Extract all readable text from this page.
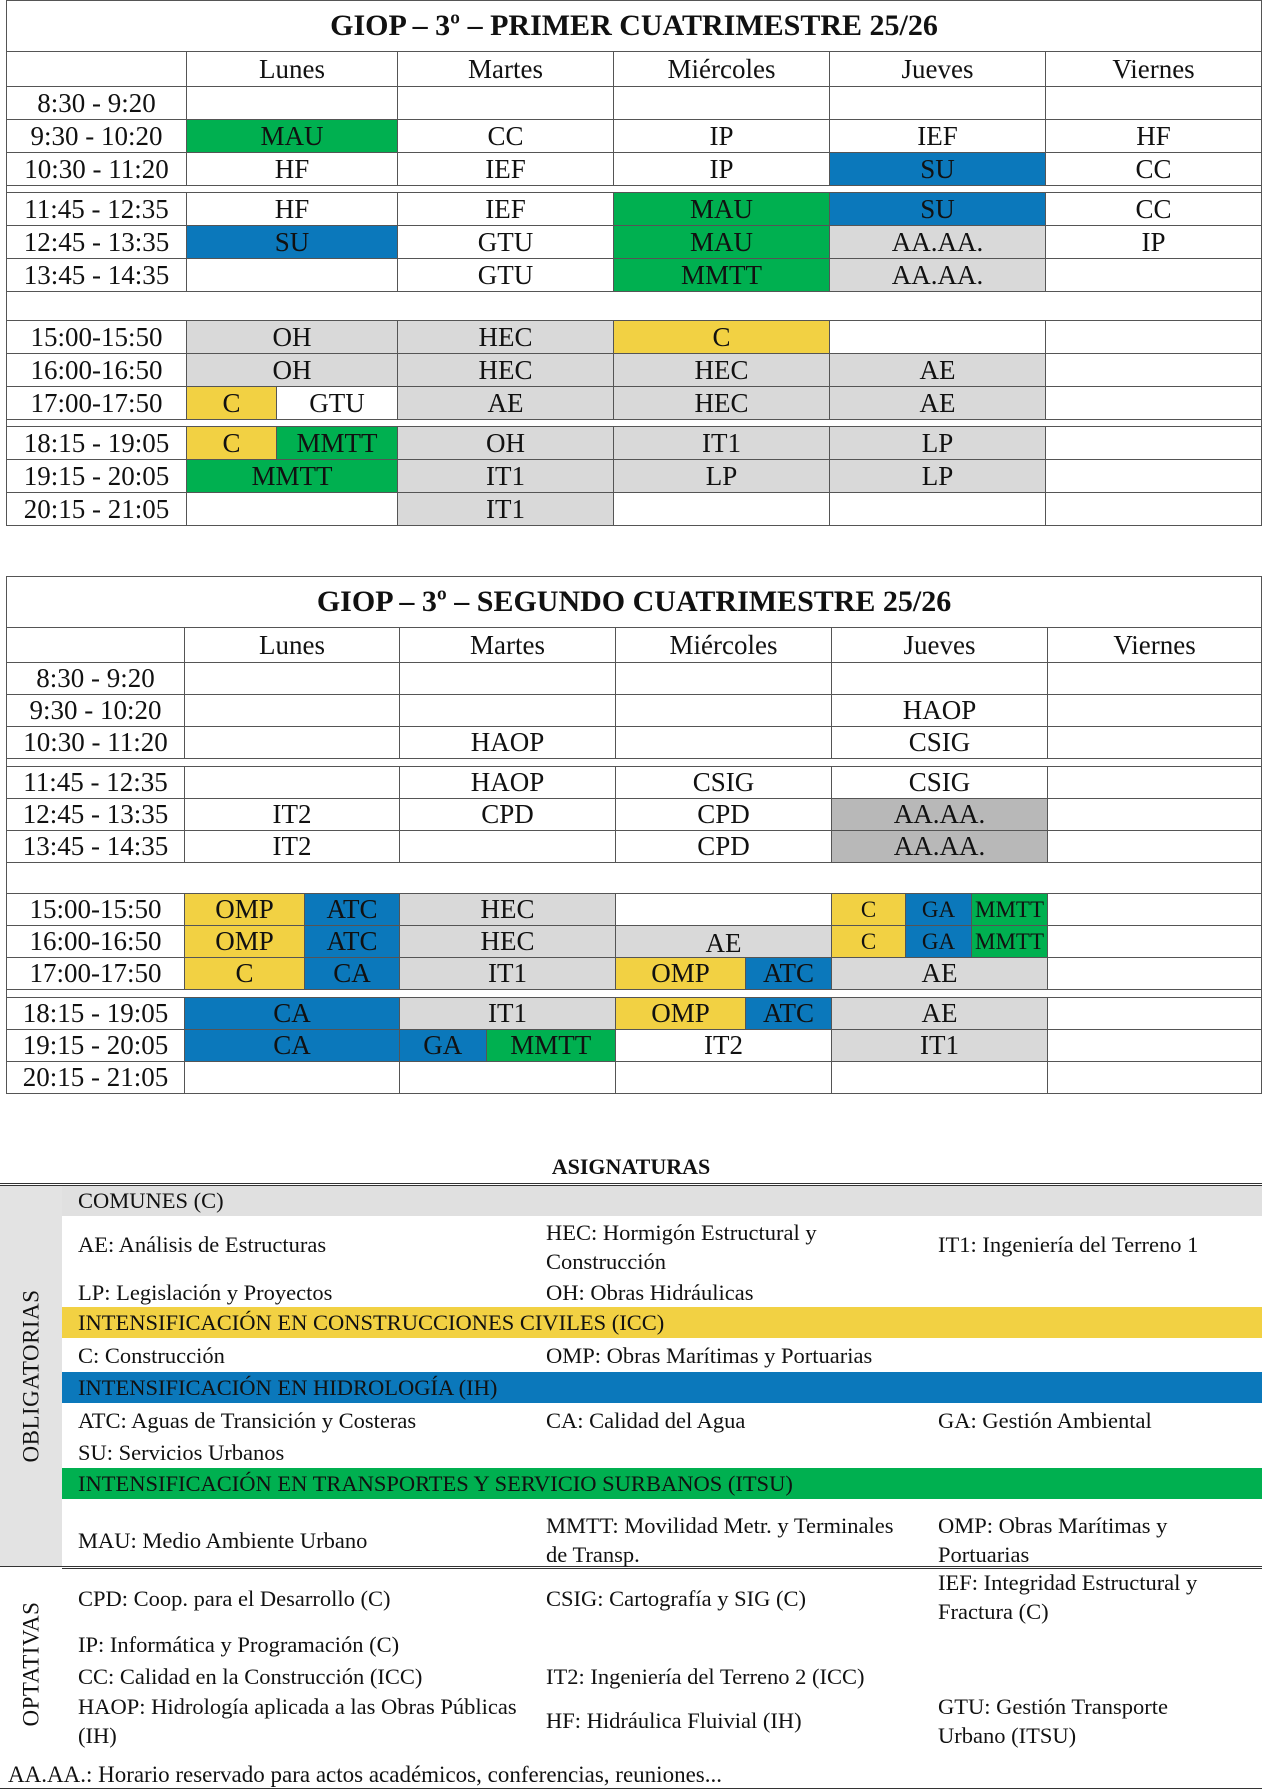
GIOP – 3º – PRIMER CUATRIMESTRE 25/26						
	Lunes		Martes	Miércoles	Jueves	Viernes
8:30 - 9:20						
9:30 - 10:20	MAU		CC	IP	IEF	HF
10:30 - 11:20	HF		IEF	IP	SU	CC

11:45 - 12:35	HF		IEF	MAU	SU	CC
12:45 - 13:35	SU		GTU	MAU	AA.AA.	IP
13:45 - 14:35			GTU	MMTT	AA.AA.	

15:00-15:50	OH		HEC	C		
16:00-16:50	OH		HEC	HEC	AE	
17:00-17:50	C	GTU	AE	HEC	AE	

18:15 - 19:05	C	MMTT	OH	IT1	LP	
19:15 - 20:05	MMTT		IT1	LP	LP	
20:15 - 21:05			IT1			
GIOP – 3º – SEGUNDO CUATRIMESTRE 25/26									
	Lunes		Martes	Miércoles		Jueves			Viernes
8:30 - 9:20									
9:30 - 10:20						HAOP			
10:30 - 11:20			HAOP			CSIG			

11:45 - 12:35			HAOP	CSIG		CSIG			
12:45 - 13:35	IT2		CPD	CPD		AA.AA.			
13:45 - 14:35	IT2			CPD		AA.AA.			

15:00-15:50	OMP	ATC	HEC			C	GA	MMTT	
16:00-16:50	OMP	ATC	HEC	AE		C	GA	MMTT	
17:00-17:50	C	CA	IT1	OMP	ATC	AE			

18:15 - 19:05	CA		IT1	OMP	ATC	AE			
19:15 - 20:05	CA		GA MMTT	IT2		IT1			
20:15 - 21:05									
ASIGNATURAS
OBLIGATORIAS
COMUNES (C)
AE: Análisis de Estructuras	HEC: Hormigón Estructural y Construcción
IT1: Ingeniería del Terreno 1
LP: Legislación y Proyectos	OH: Obras Hidráulicas
INTENSIFICACIÓN EN CONSTRUCCIONES CIVILES (ICC)
C: Construcción	OMP: Obras Marítimas y Portuarias
INTENSIFICACIÓN EN HIDROLOGÍA (IH)
ATC: Aguas de Transición y Costeras	CA: Calidad del Agua	GA: Gestión Ambiental
SU: Servicios Urbanos
INTENSIFICACIÓN EN TRANSPORTES Y SERVICIO SURBANOS (ITSU)
MAU: Medio Ambiente Urbano
MMTT: Movilidad Metr. y Terminales de Transp.
OMP: Obras Marítimas y Portuarias
OPTATIVAS
CPD: Coop. para el Desarrollo (C)	CSIG: Cartografía y SIG (C)
IEF: Integridad Estructural y Fractura (C)
IP: Informática y Programación (C)
CC: Calidad en la Construcción (ICC)	IT2: Ingeniería del Terreno 2 (ICC)
HAOP: Hidrología aplicada a las Obras Públicas (IH)
HF: Hidráulica Fluivial (IH)
GTU: Gestión Transporte Urbano (ITSU)
AA.AA.: Horario reservado para actos académicos, conferencias, reuniones...
